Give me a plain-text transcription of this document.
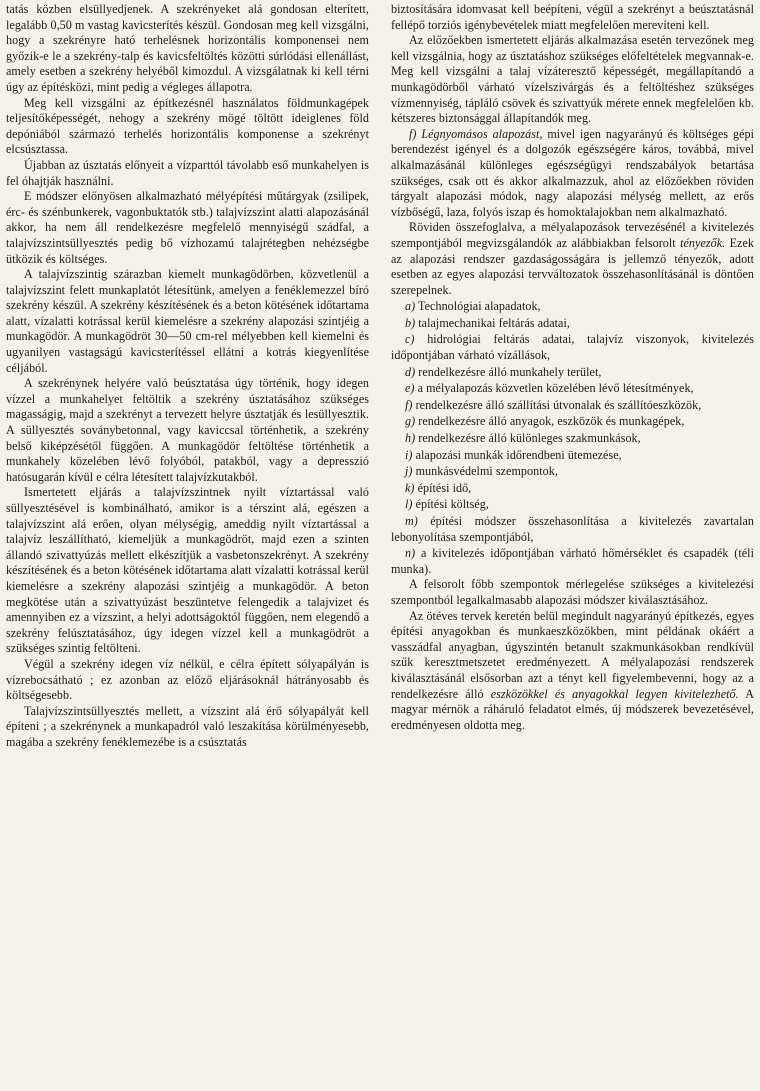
tatás közben elsüllyedjenek. A szekrényeket alá gondosan elterített, legalább 0,50 m vastag kavicsterítés készül. Gondosan meg kell vizsgálni, hogy a szekrényre ható terhelésnek horizontális komponensei nem győzik-e le a szekrény-talp és kavicsfeltöltés közötti súrlódási ellenállást, amely esetben a szekrény helyéből kimozdul. A vizsgálatnak ki kell térni úgy az építésközi, mint pedig a végleges állapotra.

Meg kell vizsgálni az építkezésnél használatos földmunkagépek teljesítőképességét, nehogy a szekrény mögé töltött ideiglenes föld depóniából származó terhelés horizontális komponense a szekrényt elcsúsztassa.

Újabban az úsztatás előnyeit a vízparttól távolabb eső munkahelyen is fel óhajtják használni.

E módszer előnyösen alkalmazható mélyépítési műtárgyak (zsilipek, érc- és szénbunkerek, vagonbuktatók stb.) talajvízszint alatti alapozásánál akkor, ha nem áll rendelkezésre megfelelő mennyiségű szádfal, a talajvízszintsüllyesztés pedig bő vízhozamú talajrétegben nehézségbe ütközik és költséges.

A talajvízszintig szárazban kiemelt munkagödörben, közvetlenül a talajvízszint felett munkaplatót létesítünk, amelyen a fenéklemezzel bíró szekrény készül. A szekrény készítésének és a beton kötésének időtartama alatt, vízalatti kotrással kerül kiemelésre a szekrény alapozási szintjéig a munkagödör. A munkagödröt 30—50 cm-rel mélyebben kell kiemelni és ugyanilyen vastagságú kavicsterítéssel ellátni a kotrás kiegyenlítése céljából.

A szekrénynek helyére való beúsztatása úgy történik, hogy idegen vízzel a munkahelyet feltöltik a szekrény úsztatásához szükséges magasságig, majd a szekrényt a tervezett helyre úsztatják és lesüllyesztik. A süllyesztés soványbetonnal, vagy kaviccsal történhetik, a szekrény belső kiképzésétől függően. A munkagödör feltöltése történhetik a munkahely közelében lévő folyóból, patakból, vagy a depresszió hatósugarán kívül e célra létesített talajvízkutakból.

Ismertetett eljárás a talajvízszintnek nyilt víztartással való süllyesztésével is kombinálható, amikor is a térszint alá, egészen a talajvízszint alá erően, olyan mélységig, ameddig nyilt víztartással a talajvíz leszállítható, kiemeljük a munkagödröt, majd ezen a szinten állandó szivattyúzás mellett elkészítjük a vasbetonszekrényt. A szekrény készítésének és a beton kötésének időtartama alatt vízalatti kotrással kerül kiemelésre a szekrény alapozási szintjéig a munkagödör. A beton megkötése után a szivattyúzást beszüntetve felengedik a talajvizet és amennyiben ez a vízszint, a helyi adottságoktól függően, nem elegendő a szekrény felúsztatásához, úgy idegen vízzel kell a munkagödröt a szükséges szintig feltölteni.

Végül a szekrény idegen víz nélkül, e célra épített sólyapályán is vízrebocsátható ; ez azonban az előző eljárásoknál hátrányosabb és költségesebb.

Talajvízszintsüllyesztés mellett, a vízszint alá érő sólyapályát kell építeni ; a szekrénynek a munkapadról való leszakítása körülményesebb, magába a szekrény fenéklemezébe is a csúsztatás

biztosítására idomvasat kell beépíteni, végül a szekrényt a beúsztatásnál fellépő torziós igénybevételek miatt megfelelően merevíteni kell.

Az előzőekben ismertetett eljárás alkalmazása esetén tervezőnek meg kell vizsgálnia, hogy az úsztatáshoz szükséges előfeltételek megvannak-e. Meg kell vizsgálni a talaj vízáteresztő képességét, megállapítandó a munkagödörből várható vízelszivárgás és a feltöltéshez szükséges vízmennyiség, tápláló csövek és szivattyúk mérete ennek megfelelően kb. kétszeres biztonsággal állapítandók meg.

f) Légnyomásos alapozást, mivel igen nagyarányú és költséges gépi berendezést igényel és a dolgozók egészségére káros, továbbá, mivel alkalmazásánál különleges egészségügyi rendszabályok betartása szükséges, csak ott és akkor alkalmazzuk, ahol az előzőekben röviden tárgyalt alapozási módok, nagy alapozási mélység mellett, az erős vízbőségű, laza, folyós iszap és homoktalajokban nem alkalmazható.

Röviden összefoglalva, a mélyalapozások tervezésénél a kivitelezés szempontjából megvizsgálandók az alábbiakban felsorolt tényezők. Ezek az alapozási rendszer gazdaságosságára is jellemző tényezők, adott esetben az egyes alapozási tervváltozatok összehasonlításánál is döntően szerepelnek.

a) Technológiai alapadatok,

b) talajmechanikai feltárás adatai,

c) hidrológiai feltárás adatai, talajvíz viszonyok, kivitelezés időpontjában várható vízállások,

d) rendelkezésre álló munkahely terület,

e) a mélyalapozás közvetlen közelében lévő létesítmények,

f) rendelkezésre álló szállítási útvonalak és szállítóeszközök,

g) rendelkezésre álló anyagok, eszközök és munkagépek,

h) rendelkezésre álló különleges szakmunkások,

i) alapozási munkák időrendbeni ütemezése,

j) munkásvédelmi szempontok,

k) építési idő,

l) építési költség,

m) építési módszer összehasonlítása a kivitelezés zavartalan lebonyolítása szempontjából,

n) a kivitelezés időpontjában várható hőmérséklet és csapadék (téli munka).

A felsorolt főbb szempontok mérlegelése szükséges a kivitelezési szempontból legalkalmasabb alapozási módszer kiválasztásához.

Az ötéves tervek keretén belül megindult nagyarányú építkezés, egyes építési anyagokban és munkaeszközökben, mint példának okáért a vasszádfal anyagban, úgyszintén betanult szakmunkásokban rendkívül szűk keresztmetszetet eredményezett. A mélyalapozási rendszerek kiválasztásánál elsősorban azt a tényt kell figyelembevenni, hogy az a rendelkezésre álló eszközökkel és anyagokkal legyen kivitelezhető. A magyar mérnök a ráháruló feladatot elmés, új módszerek bevezetésével, eredményesen oldotta meg.
